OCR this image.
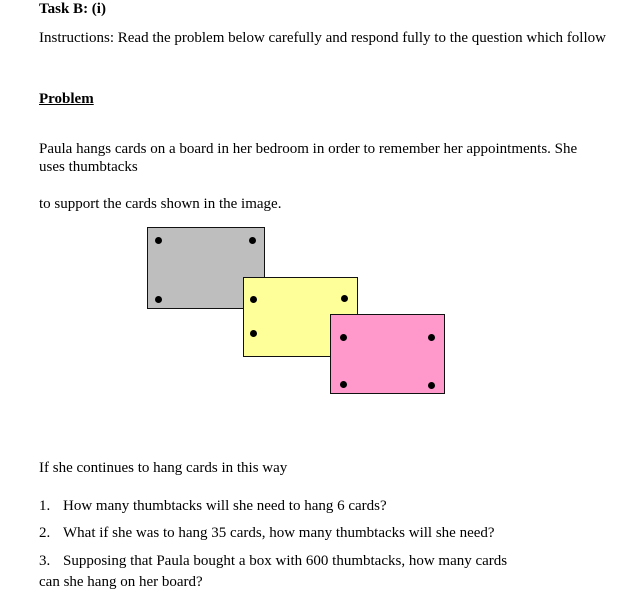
Task B: (i)
Instructions: Read the problem below carefully and respond fully to the question which follow
Problem
Paula hangs cards on a board in her bedroom in order to remember her appointments. She
uses thumbtacks
to support the cards shown in the image.
If she continues to hang cards in this way
1. How many thumbtacks will she need to hang 6 cards?
2. What if she was to hang 35 cards, how many thumbtacks will she need?
3. Supposing that Paula bought a box with 600 thumbtacks, how many cards
can she hang on her board?
